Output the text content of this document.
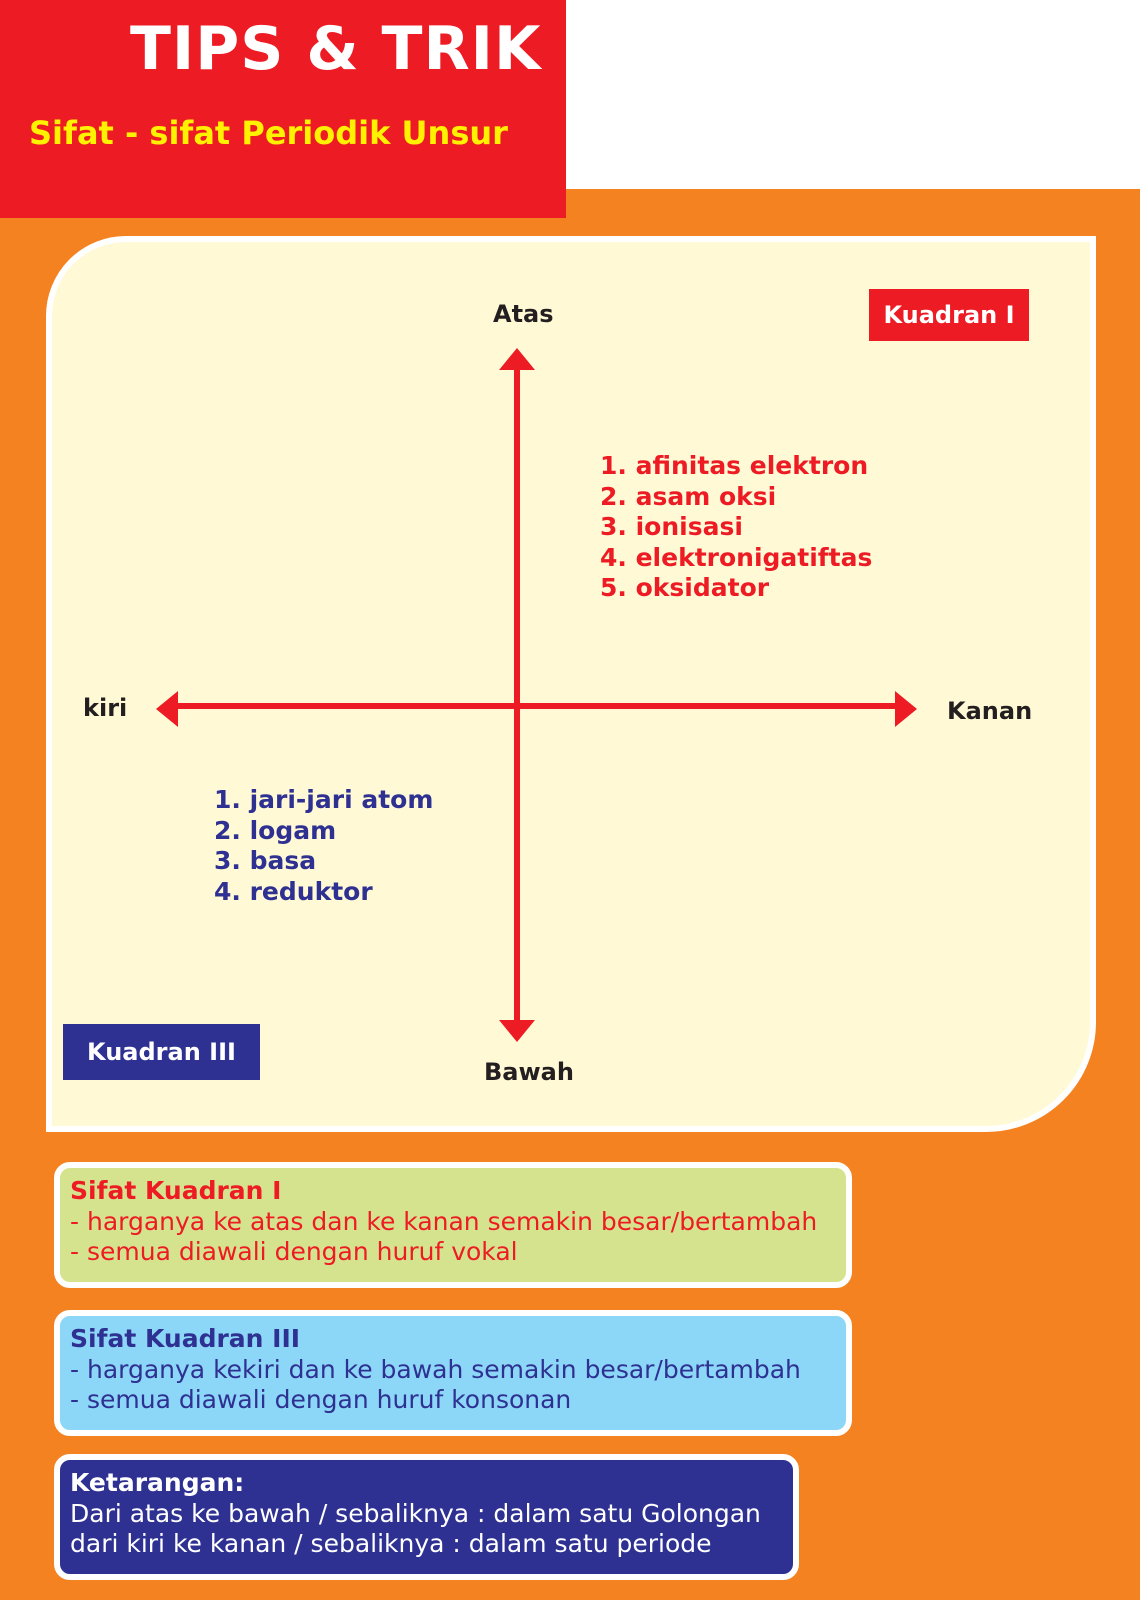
TIPS & TRIK
Sifat - sifat Periodik Unsur
Atas
Bawah
kiri	Kanan
Kuadran I
Kuadran III
1. afinitas elektron
2. asam oksi
3. ionisasi
4. elektronigatiftas
5. oksidator
1. jari-jari atom
2. logam
3. basa
4. reduktor
Sifat Kuadran I
- harganya ke atas dan ke kanan semakin besar/bertambah
- semua diawali dengan huruf vokal
Sifat Kuadran III
- harganya kekiri dan ke bawah semakin besar/bertambah
- semua diawali dengan huruf konsonan
Ketarangan:
Dari atas ke bawah / sebaliknya : dalam satu Golongan
dari kiri ke kanan / sebaliknya : dalam satu periode
